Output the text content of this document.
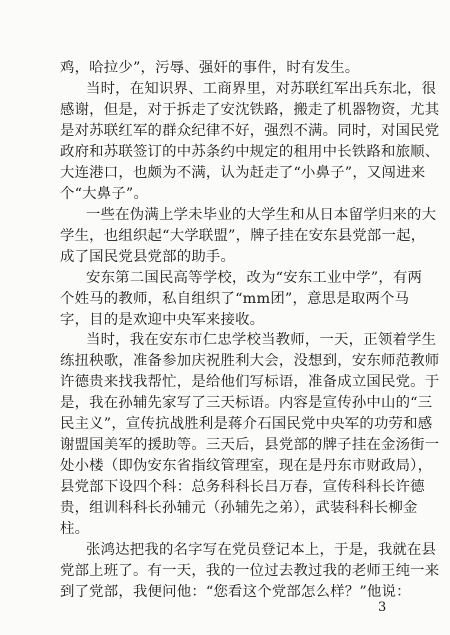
鸡，哈拉少”，污辱、强奸的事件，时有发生。
当时，在知识界、工商界里，对苏联红军出兵东北，很
感谢，但是，对于拆走了安沈铁路，搬走了机器物资，尤其
是对苏联红军的群众纪律不好，强烈不满。同时，对国民党
政府和苏联签订的中苏条约中规定的租用中长铁路和旅顺、
大连港口，也颇为不满，认为赶走了“小鼻子”，又闯进来
个“大鼻子”。
一些在伪满上学未毕业的大学生和从日本留学归来的大
学生，也组织起“大学联盟”，牌子挂在安东县党部一起，
成了国民党县党部的助手。
安东第二国民高等学校，改为“安东工业中学”，有两
个姓马的教师，私自组织了“mm团”，意思是取两个马
字，目的是欢迎中央军来接收。
当时，我在安东市仁忠学校当教师，一天，正领着学生
练扭秧歌，准备参加庆祝胜利大会，没想到，安东师范教师
许德贵来找我帮忙，是给他们写标语，准备成立国民党。于
是，我在孙辅先家写了三天标语。内容是宣传孙中山的“三
民主义”，宣传抗战胜利是蒋介石国民党中央军的功劳和感
谢盟国美军的援助等。三天后，县党部的牌子挂在金汤街一
处小楼（即伪安东省指纹管理室，现在是丹东市财政局），
县党部下设四个科：总务科科长吕万春，宣传科科长许德
贵，组训科科长孙辅元（孙辅先之弟），武装科科长柳金
柱。
张鸿达把我的名字写在党员登记本上，于是，我就在县
党部上班了。有一天，我的一位过去教过我的老师王纯一来
到了党部，我便问他：“您看这个党部怎么样？”他说：
3
